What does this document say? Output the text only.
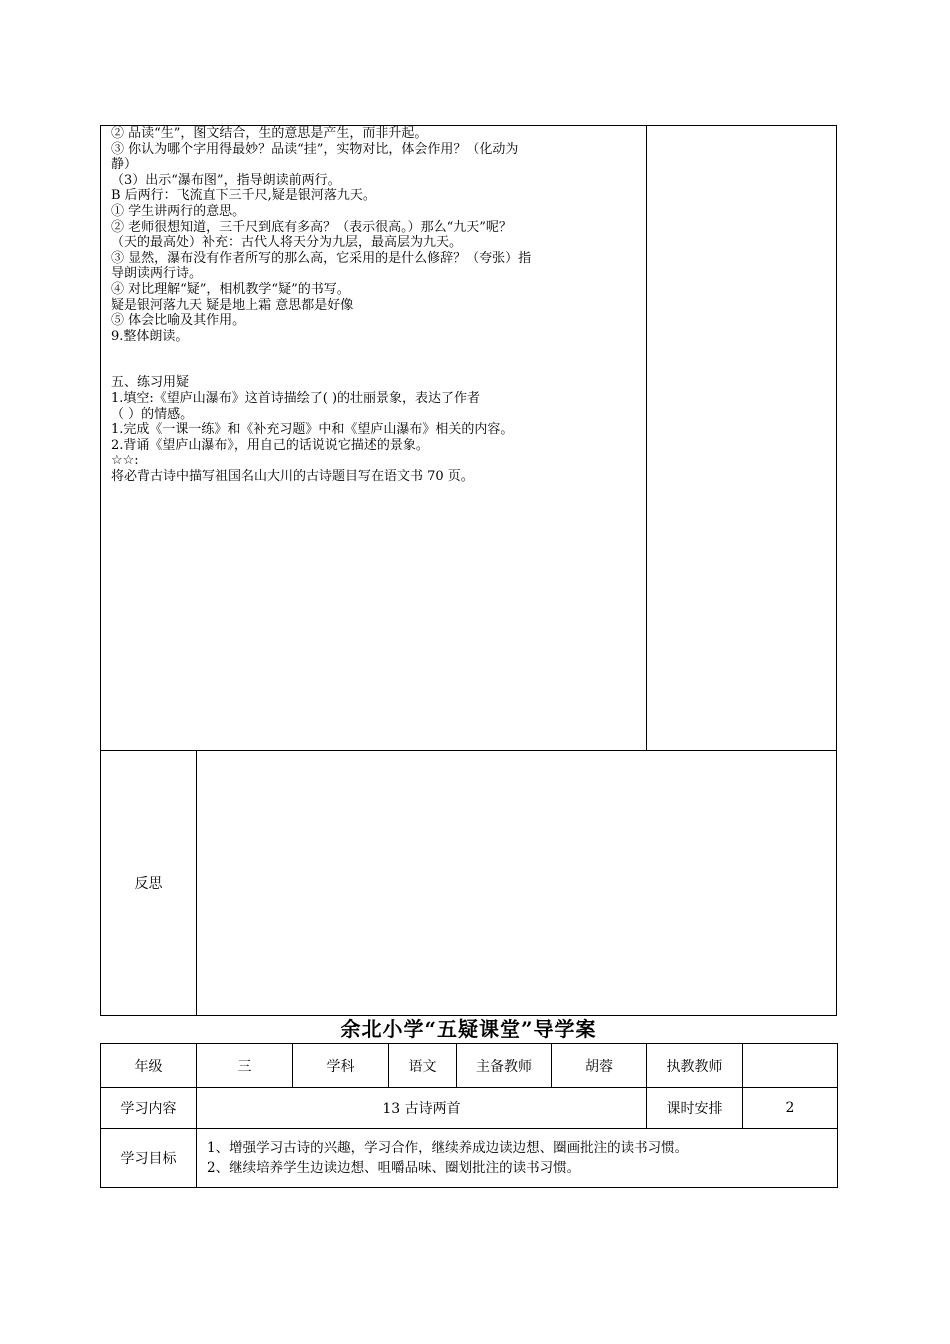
② 品读“生”，图文结合，生的意思是产生，而非升起。

③ 你认为哪个字用得最妙？品读“挂”，实物对比，体会作用？（化动为

静）

（3）出示“瀑布图”，指导朗读前两行。

B 后两行：飞流直下三千尺,疑是银河落九天。

① 学生讲两行的意思。

② 老师很想知道，三千尺到底有多高？（表示很高。）那么“九天”呢？

（天的最高处）补充：古代人将天分为九层，最高层为九天。

③ 显然，瀑布没有作者所写的那么高，它采用的是什么修辞？（夸张）指

导朗读两行诗。

④ 对比理解“疑”，相机教学“疑”的书写。

疑是银河落九天 疑是地上霜 意思都是好像

⑤ 体会比喻及其作用。

9.整体朗读。

五、练习用疑

1.填空:《望庐山瀑布》这首诗描绘了( )的壮丽景象，表达了作者

（ ）的情感。

1.完成《一课一练》和《补充习题》中和《望庐山瀑布》相关的内容。

2.背诵《望庐山瀑布》，用自己的话说说它描述的景象。

☆☆:

将必背古诗中描写祖国名山大川的古诗题目写在语文书 70 页。

反思
余北小学“五疑课堂”导学案
年级	三	学科	语文	主备教师	胡蓉	执教教师	
学习内容	13 古诗两首					课时安排	2
学习目标	1、增强学习古诗的兴趣，学习合作，继续养成边读边想、圈画批注的读书习惯。
2、继续培养学生边读边想、咀嚼品味、圈划批注的读书习惯。						
